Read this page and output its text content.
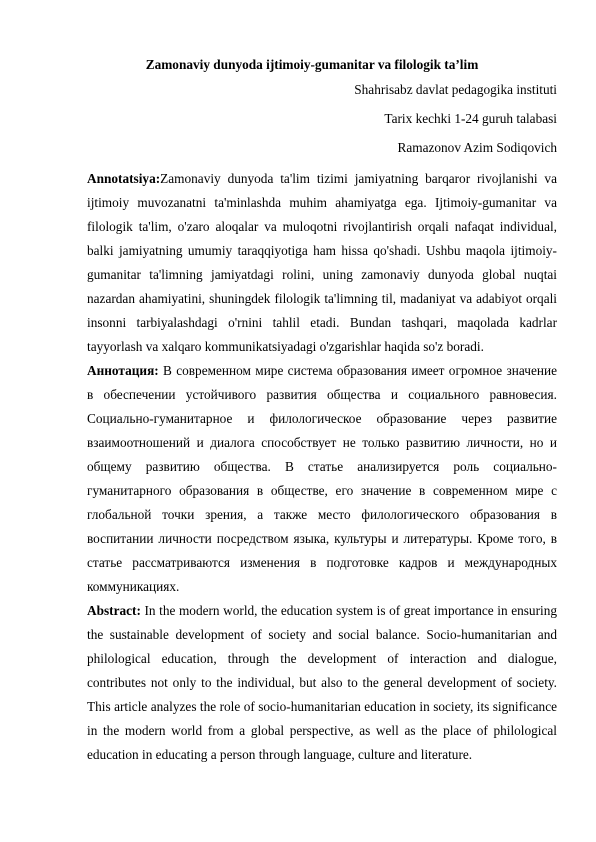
Zamonaviy dunyoda ijtimoiy-gumanitar va filologik ta’lim

Shahrisabz davlat pedagogika instituti

Tarix kechki 1-24 guruh talabasi

Ramazonov Azim Sodiqovich

Annotatsiya:Zamonaviy dunyoda ta'lim tizimi jamiyatning barqaror rivojlanishi va ijtimoiy muvozanatni ta'minlashda muhim ahamiyatga ega. Ijtimoiy-gumanitar va filologik ta'lim, o'zaro aloqalar va muloqotni rivojlantirish orqali nafaqat individual, balki jamiyatning umumiy taraqqiyotiga ham hissa qo'shadi. Ushbu maqola ijtimoiy-gumanitar ta'limning jamiyatdagi rolini, uning zamonaviy dunyoda global nuqtai nazardan ahamiyatini, shuningdek filologik ta'limning til, madaniyat va adabiyot orqali insonni tarbiyalashdagi o'rnini tahlil etadi. Bundan tashqari, maqolada kadrlar tayyorlash va xalqaro kommunikatsiyadagi o'zgarishlar haqida so'z boradi.

Аннотация: В современном мире система образования имеет огромное значение в обеспечении устойчивого развития общества и социального равновесия. Социально-гуманитарное и филологическое образование через развитие взаимоотношений и диалога способствует не только развитию личности, но и общему развитию общества. В статье анализируется роль социально-гуманитарного образования в обществе, его значение в современном мире с глобальной точки зрения, а также место филологического образования в воспитании личности посредством языка, культуры и литературы. Кроме того, в статье рассматриваются изменения в подготовке кадров и международных коммуникациях.

Abstract: In the modern world, the education system is of great importance in ensuring the sustainable development of society and social balance. Socio-humanitarian and philological education, through the development of interaction and dialogue, contributes not only to the individual, but also to the general development of society. This article analyzes the role of socio-humanitarian education in society, its significance in the modern world from a global perspective, as well as the place of philological education in educating a person through language, culture and literature.
